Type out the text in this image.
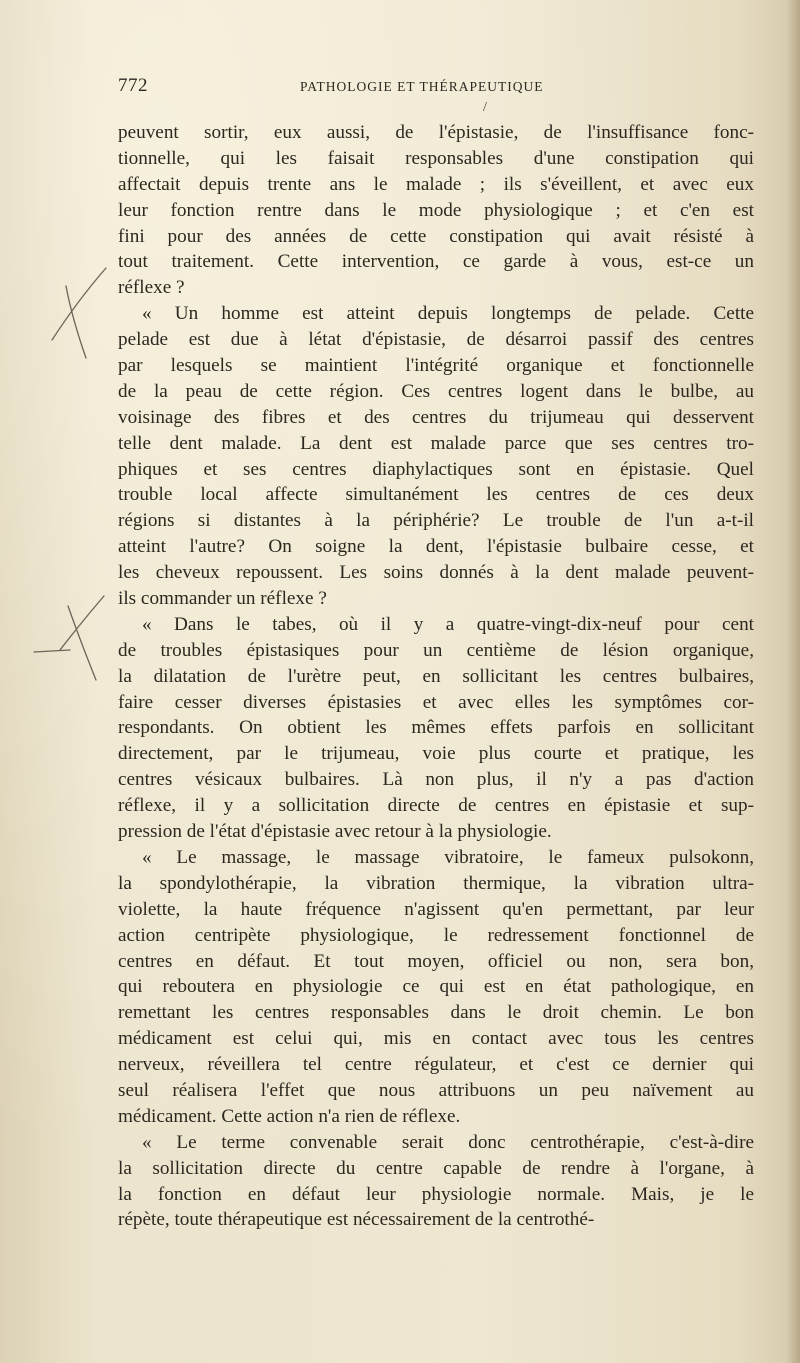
772	PATHOLOGIE ET THÉRAPEUTIQUE
/
peuvent sortir, eux aussi, de l'épistasie, de l'insuffisance fonc-
tionnelle, qui les faisait responsables d'une constipation qui
affectait depuis trente ans le malade ; ils s'éveillent, et avec eux
leur fonction rentre dans le mode physiologique ; et c'en est
fini pour des années de cette constipation qui avait résisté à
tout traitement. Cette intervention, ce garde à vous, est-ce un
réflexe ?
« Un homme est atteint depuis longtemps de pelade. Cette
pelade est due à létat d'épistasie, de désarroi passif des centres
par lesquels se maintient l'intégrité organique et fonctionnelle
de la peau de cette région. Ces centres logent dans le bulbe, au
voisinage des fibres et des centres du trijumeau qui desservent
telle dent malade. La dent est malade parce que ses centres tro-
phiques et ses centres diaphylactiques sont en épistasie. Quel
trouble local affecte simultanément les centres de ces deux
régions si distantes à la périphérie? Le trouble de l'un a-t-il
atteint l'autre? On soigne la dent, l'épistasie bulbaire cesse, et
les cheveux repoussent. Les soins donnés à la dent malade peuvent-
ils commander un réflexe ?
« Dans le tabes, où il y a quatre-vingt-dix-neuf pour cent
de troubles épistasiques pour un centième de lésion organique,
la dilatation de l'urètre peut, en sollicitant les centres bulbaires,
faire cesser diverses épistasies et avec elles les symptômes cor-
respondants. On obtient les mêmes effets parfois en sollicitant
directement, par le trijumeau, voie plus courte et pratique, les
centres vésicaux bulbaires. Là non plus, il n'y a pas d'action
réflexe, il y a sollicitation directe de centres en épistasie et sup-
pression de l'état d'épistasie avec retour à la physiologie.
« Le massage, le massage vibratoire, le fameux pulsokonn,
la spondylothérapie, la vibration thermique, la vibration ultra-
violette, la haute fréquence n'agissent qu'en permettant, par leur
action centripète physiologique, le redressement fonctionnel de
centres en défaut. Et tout moyen, officiel ou non, sera bon,
qui reboutera en physiologie ce qui est en état pathologique, en
remettant les centres responsables dans le droit chemin. Le bon
médicament est celui qui, mis en contact avec tous les centres
nerveux, réveillera tel centre régulateur, et c'est ce dernier qui
seul réalisera l'effet que nous attribuons un peu naïvement au
médicament. Cette action n'a rien de réflexe.
« Le terme convenable serait donc centrothérapie, c'est-à-dire
la sollicitation directe du centre capable de rendre à l'organe, à
la fonction en défaut leur physiologie normale. Mais, je le
répète, toute thérapeutique est nécessairement de la centrothé-
